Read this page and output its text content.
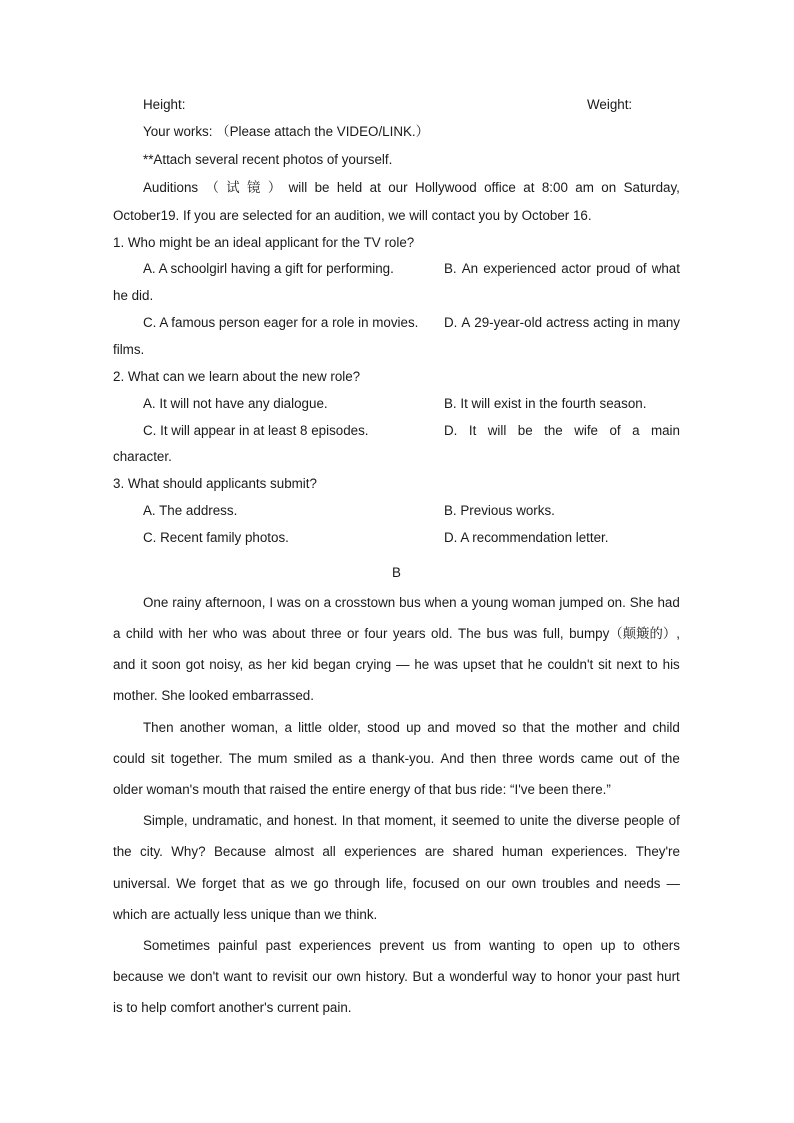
Height:	Weight:
Your works: （Please attach the VIDEO/LINK.）
**Attach several recent photos of yourself.
Auditions （ 试 镜 ） will be held at our Hollywood office at 8:00 am on Saturday,
October19. If you are selected for an audition, we will contact you by October 16.
1. Who might be an ideal applicant for the TV role?
A. A schoolgirl having a gift for performing.	B. An experienced actor proud of what
he did.
C. A famous person eager for a role in movies. D. A 29-year-old actress acting in many
films.
2. What can we learn about the new role?
A. It will not have any dialogue.	B. It will exist in the fourth season.
C. It will appear in at least 8 episodes.	D. It will be the wife of a main
character.
3. What should applicants submit?
A. The address.	B. Previous works.
C. Recent family photos.	D. A recommendation letter.
B
One rainy afternoon, I was on a crosstown bus when a young woman jumped on. She had
a child with her who was about three or four years old. The bus was full, bumpy（颠簸的）,
and it soon got noisy, as her kid began crying — he was upset that he couldn't sit next to his
mother. She looked embarrassed.
Then another woman, a little older, stood up and moved so that the mother and child
could sit together. The mum smiled as a thank-you. And then three words came out of the
older woman's mouth that raised the entire energy of that bus ride: “I've been there.”
Simple, undramatic, and honest. In that moment, it seemed to unite the diverse people of
the city. Why? Because almost all experiences are shared human experiences. They're
universal. We forget that as we go through life, focused on our own troubles and needs —
which are actually less unique than we think.
Sometimes painful past experiences prevent us from wanting to open up to others
because we don't want to revisit our own history. But a wonderful way to honor your past hurt
is to help comfort another's current pain.
